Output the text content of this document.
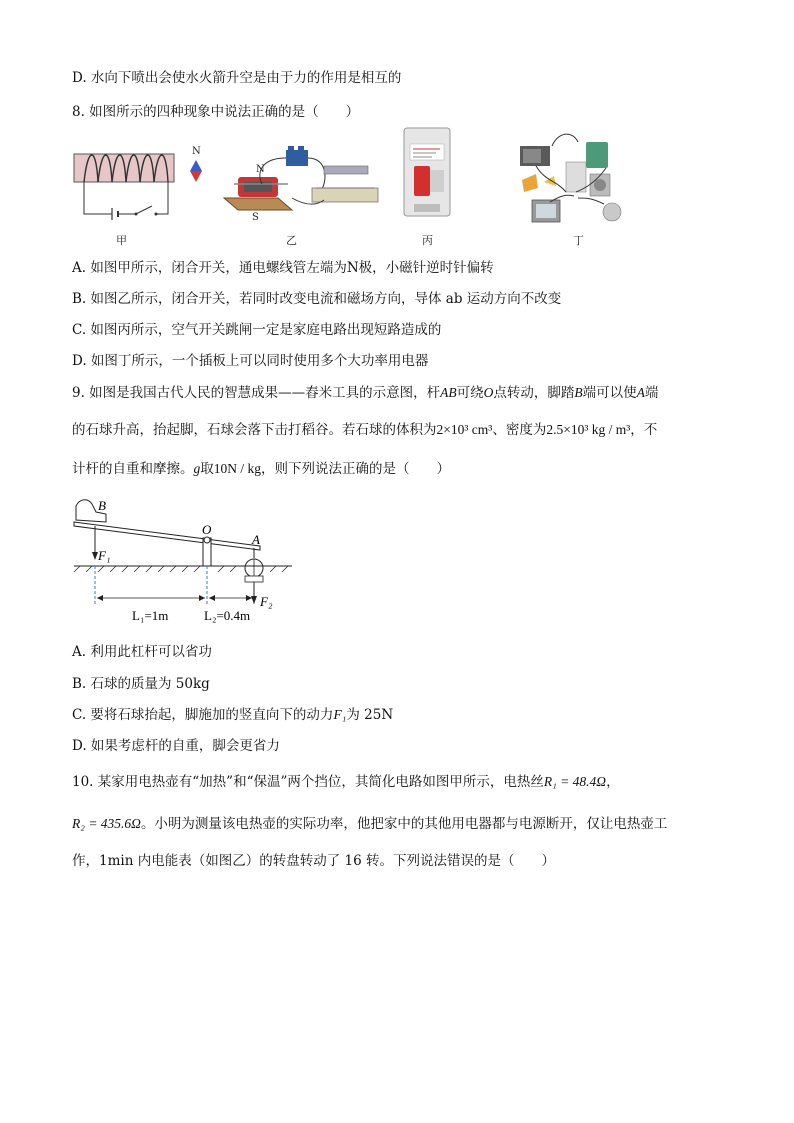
D. 水向下喷出会使水火箭升空是由于力的作用是相互的
8. 如图所示的四种现象中说法正确的是（　　）
N
甲
N
S
乙	丙	丁
A. 如图甲所示，闭合开关，通电螺线管左端为N极，小磁针逆时针偏转
B. 如图乙所示，闭合开关，若同时改变电流和磁场方向，导体 ab 运动方向不改变
C. 如图丙所示，空气开关跳闸一定是家庭电路出现短路造成的
D. 如图丁所示，一个插板上可以同时使用多个大功率用电器
9. 如图是我国古代人民的智慧成果——舂米工具的示意图，杆AB可绕O点转动，脚踏B端可以使A端
的石球升高，抬起脚，石球会落下击打稻谷。若石球的体积为2×10³ cm³、密度为2.5×10³ kg / m³，不
计杆的自重和摩擦。g取10N / kg，则下列说法正确的是（　　）
B
O
A
F₁
F₂
L₁=1m	L₂=0.4m
A. 利用此杠杆可以省功
B. 石球的质量为 50kg
C. 要将石球抬起，脚施加的竖直向下的动力F₁为 25N
D. 如果考虑杆的自重，脚会更省力
10. 某家用电热壶有“加热”和“保温”两个挡位，其简化电路如图甲所示，电热丝R₁ = 48.4Ω，
R₂ = 435.6Ω。小明为测量该电热壶的实际功率，他把家中的其他用电器都与电源断开，仅让电热壶工
作，1min 内电能表（如图乙）的转盘转动了 16 转。下列说法错误的是（　　）
